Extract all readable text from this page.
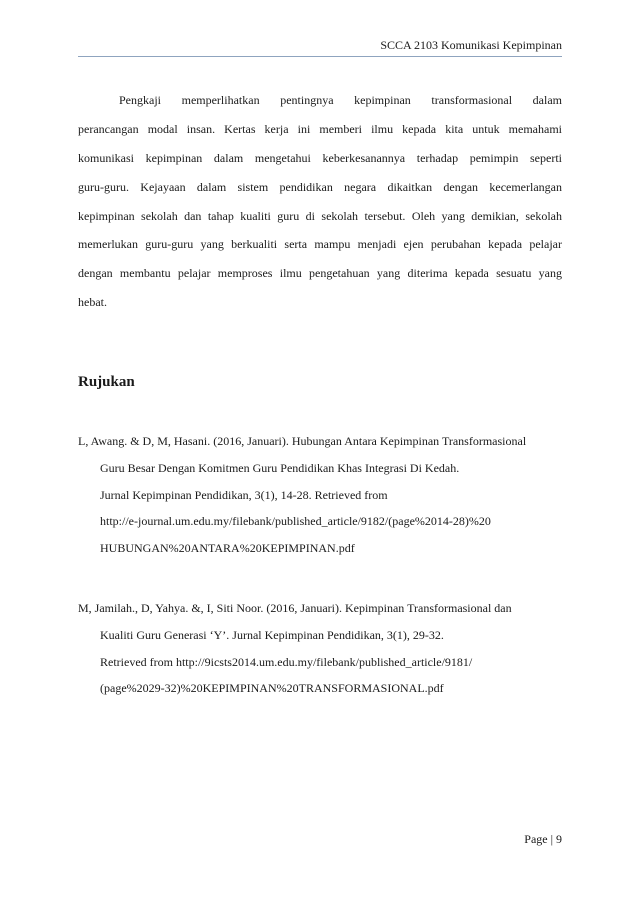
SCCA 2103 Komunikasi Kepimpinan
Pengkaji memperlihatkan pentingnya kepimpinan transformasional dalam
perancangan modal insan. Kertas kerja ini memberi ilmu kepada kita untuk memahami
komunikasi kepimpinan dalam mengetahui keberkesanannya terhadap pemimpin seperti
guru-guru. Kejayaan dalam sistem pendidikan negara dikaitkan dengan kecemerlangan
kepimpinan sekolah dan tahap kualiti guru di sekolah tersebut. Oleh yang demikian, sekolah
memerlukan guru-guru yang berkualiti serta mampu menjadi ejen perubahan kepada pelajar
dengan membantu pelajar memproses ilmu pengetahuan yang diterima kepada sesuatu yang
hebat.
Rujukan
L, Awang. & D, M, Hasani. (2016, Januari). Hubungan Antara Kepimpinan Transformasional
Guru Besar Dengan Komitmen Guru Pendidikan Khas Integrasi Di Kedah.
Jurnal Kepimpinan Pendidikan, 3(1), 14-28. Retrieved from
http://e-journal.um.edu.my/filebank/published_article/9182/(page%2014-28)%20
HUBUNGAN%20ANTARA%20KEPIMPINAN.pdf
M, Jamilah., D, Yahya. &, I, Siti Noor. (2016, Januari). Kepimpinan Transformasional dan
Kualiti Guru Generasi ‘Y’. Jurnal Kepimpinan Pendidikan, 3(1), 29-32.
Retrieved from http://9icsts2014.um.edu.my/filebank/published_article/9181/
(page%2029-32)%20KEPIMPINAN%20TRANSFORMASIONAL.pdf
Page | 9
